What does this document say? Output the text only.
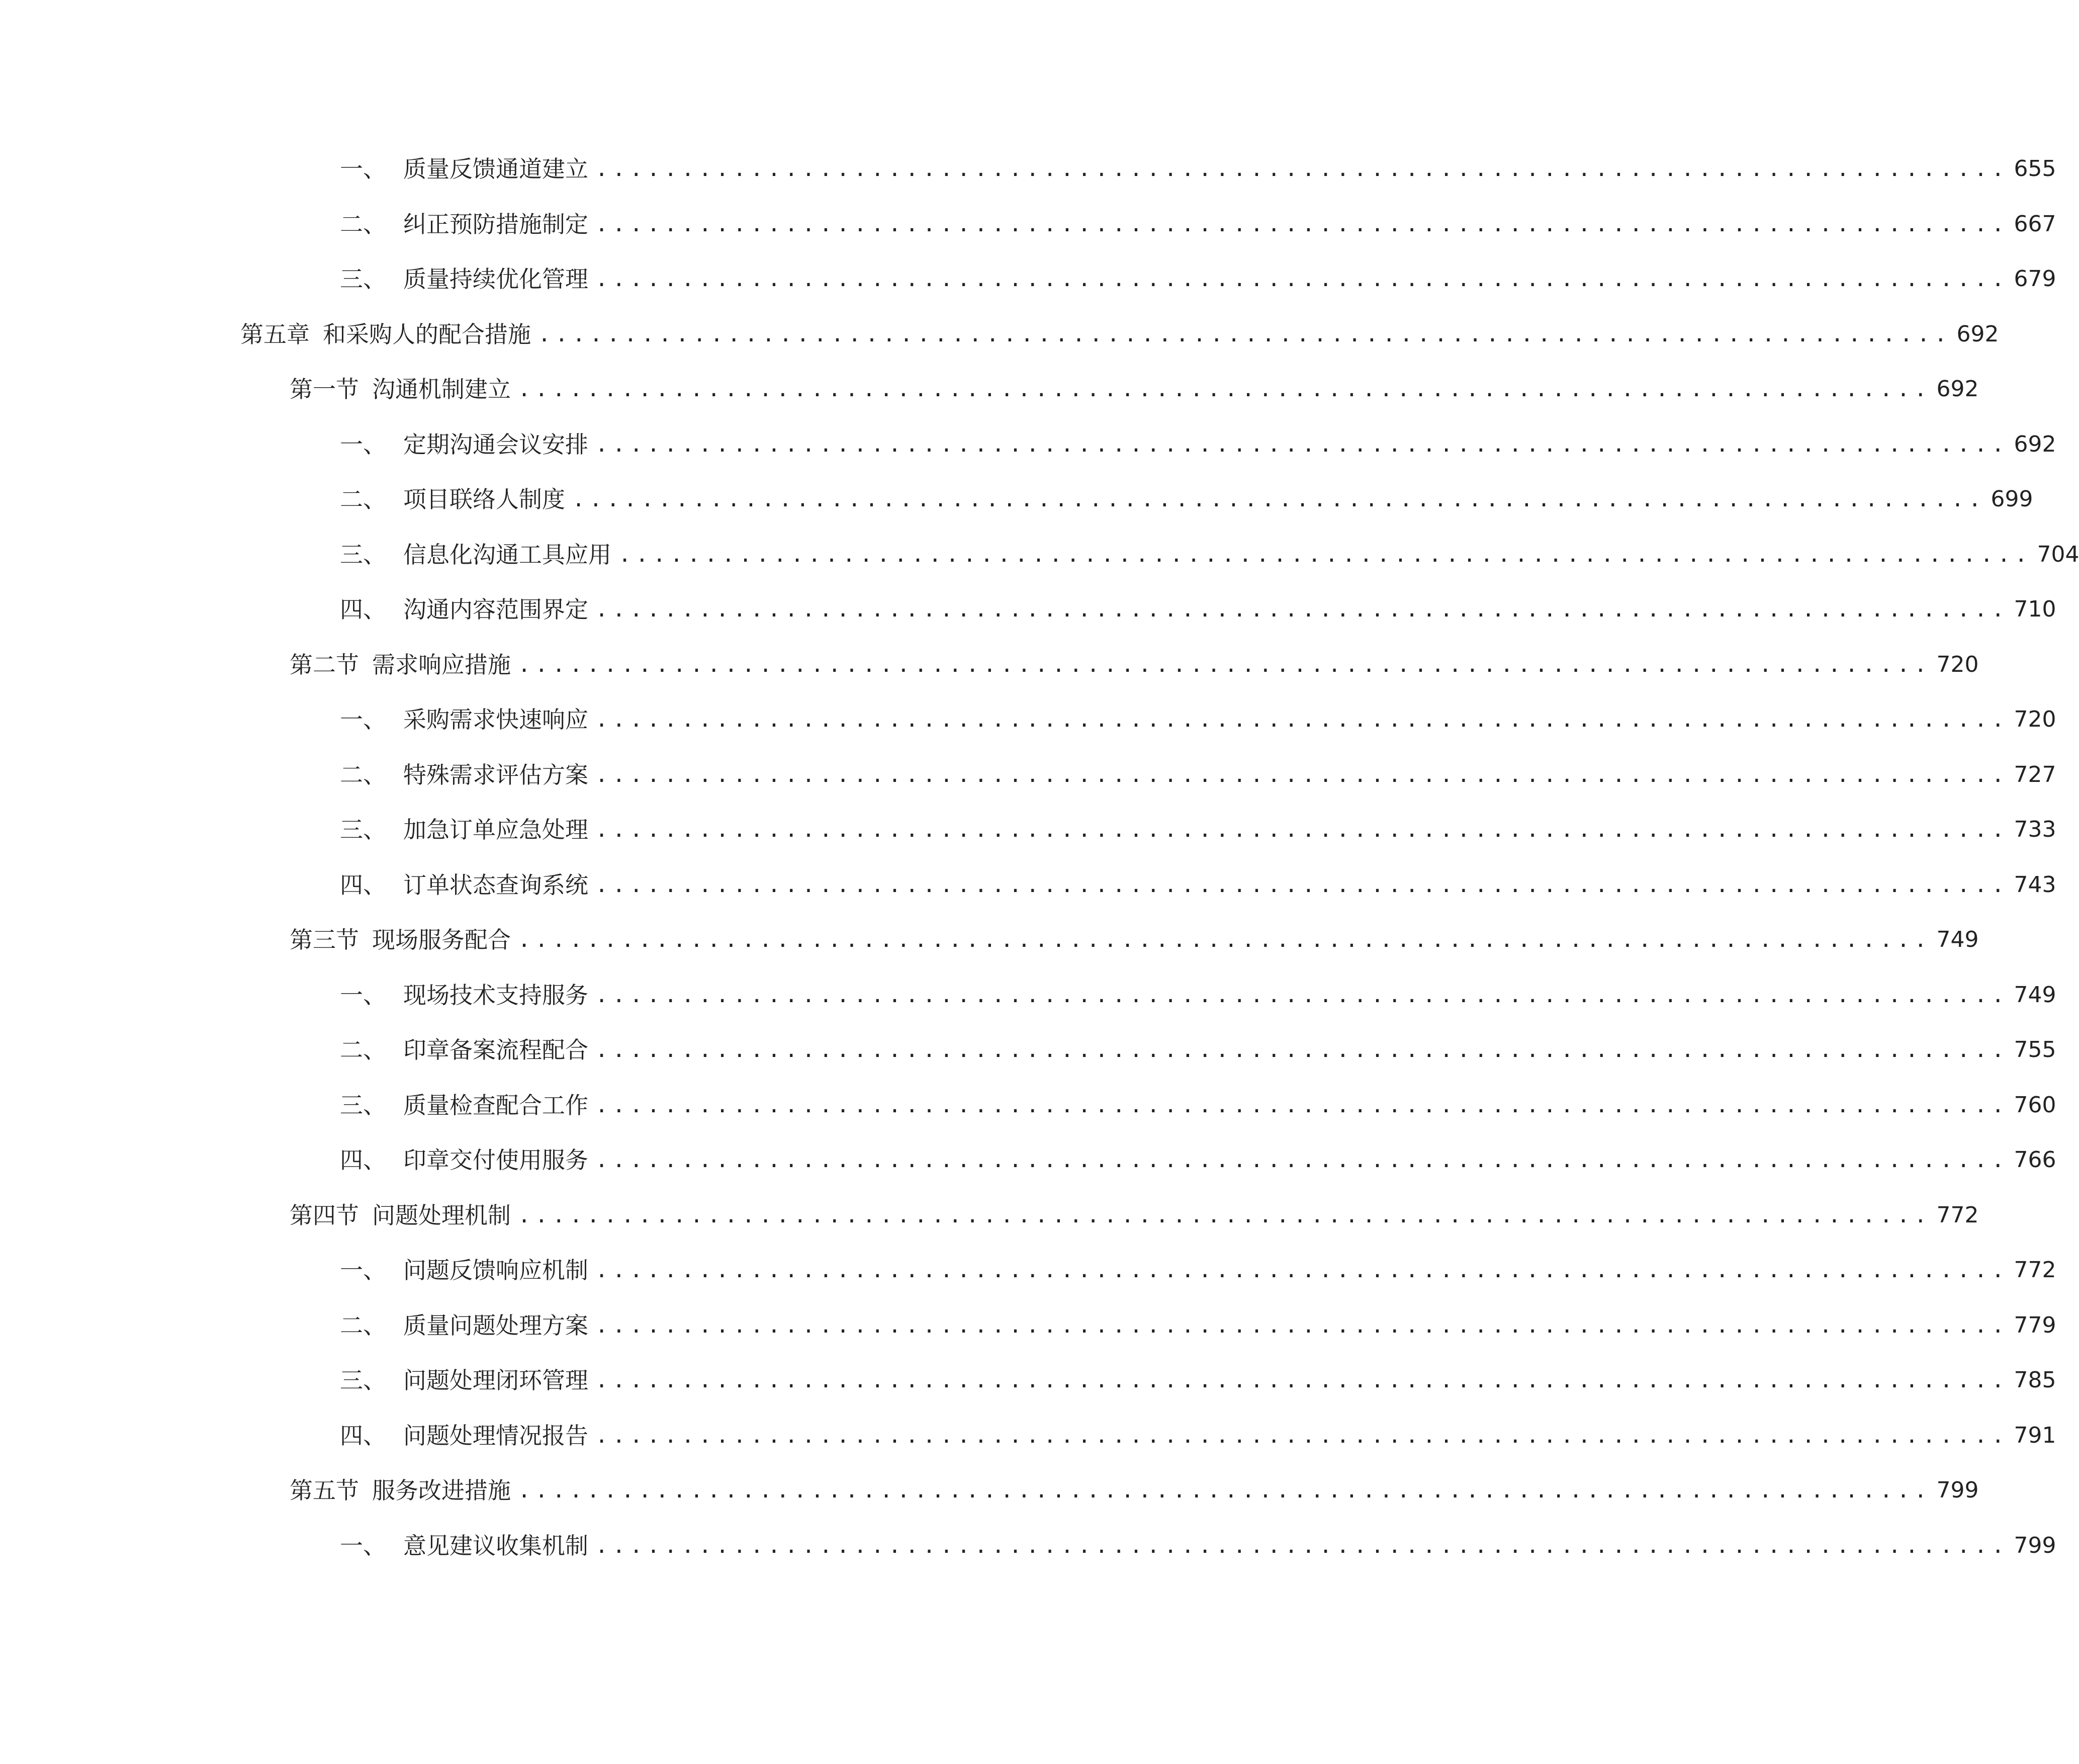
一、 质量反馈通道建立 .................................................................................. 655
二、 纠正预防措施制定 .................................................................................. 667
三、 质量持续优化管理 .................................................................................. 679
第五章 和采购人的配合措施 .................................................................................. 692
第一节 沟通机制建立 .................................................................................. 692
一、 定期沟通会议安排 .................................................................................. 692
二、 项目联络人制度 .................................................................................. 699
三、 信息化沟通工具应用 .................................................................................. 704
四、 沟通内容范围界定 .................................................................................. 710
第二节 需求响应措施 .................................................................................. 720
一、 采购需求快速响应 .................................................................................. 720
二、 特殊需求评估方案 .................................................................................. 727
三、 加急订单应急处理 .................................................................................. 733
四、 订单状态查询系统 .................................................................................. 743
第三节 现场服务配合 .................................................................................. 749
一、 现场技术支持服务 .................................................................................. 749
二、 印章备案流程配合 .................................................................................. 755
三、 质量检查配合工作 .................................................................................. 760
四、 印章交付使用服务 .................................................................................. 766
第四节 问题处理机制 .................................................................................. 772
一、 问题反馈响应机制 .................................................................................. 772
二、 质量问题处理方案 .................................................................................. 779
三、 问题处理闭环管理 .................................................................................. 785
四、 问题处理情况报告 .................................................................................. 791
第五节 服务改进措施 .................................................................................. 799
一、 意见建议收集机制 .................................................................................. 799
